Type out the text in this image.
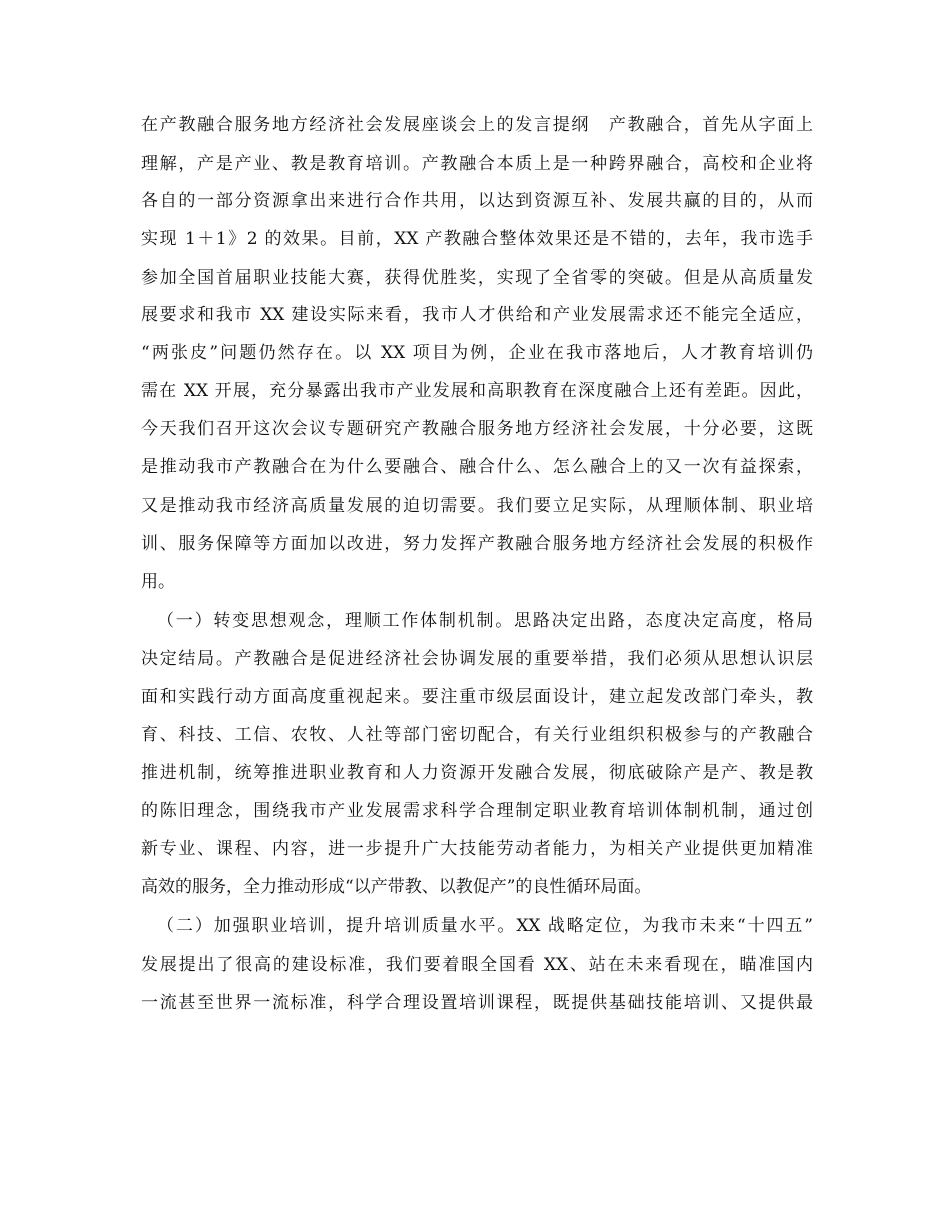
在产教融合服务地方经济社会发展座谈会上的发言提纲　产教融合，首先从字面上
理解，产是产业、教是教育培训。产教融合本质上是一种跨界融合，高校和企业将
各自的一部分资源拿出来进行合作共用，以达到资源互补、发展共赢的目的，从而
实现 1＋1》2 的效果。目前，XX 产教融合整体效果还是不错的，去年，我市选手
参加全国首届职业技能大赛，获得优胜奖，实现了全省零的突破。但是从高质量发
展要求和我市 XX 建设实际来看，我市人才供给和产业发展需求还不能完全适应，
“两张皮”问题仍然存在。以 XX 项目为例，企业在我市落地后，人才教育培训仍
需在 XX 开展，充分暴露出我市产业发展和高职教育在深度融合上还有差距。因此，
今天我们召开这次会议专题研究产教融合服务地方经济社会发展，十分必要，这既
是推动我市产教融合在为什么要融合、融合什么、怎么融合上的又一次有益探索，
又是推动我市经济高质量发展的迫切需要。我们要立足实际，从理顺体制、职业培
训、服务保障等方面加以改进，努力发挥产教融合服务地方经济社会发展的积极作
用。
（一）转变思想观念，理顺工作体制机制。思路决定出路，态度决定高度，格局
决定结局。产教融合是促进经济社会协调发展的重要举措，我们必须从思想认识层
面和实践行动方面高度重视起来。要注重市级层面设计，建立起发改部门牵头，教
育、科技、工信、农牧、人社等部门密切配合，有关行业组织积极参与的产教融合
推进机制，统筹推进职业教育和人力资源开发融合发展，彻底破除产是产、教是教
的陈旧理念，围绕我市产业发展需求科学合理制定职业教育培训体制机制，通过创
新专业、课程、内容，进一步提升广大技能劳动者能力，为相关产业提供更加精准
高效的服务，全力推动形成“以产带教、以教促产”的良性循环局面。
（二）加强职业培训，提升培训质量水平。XX 战略定位，为我市未来“十四五”
发展提出了很高的建设标准，我们要着眼全国看 XX、站在未来看现在，瞄准国内
一流甚至世界一流标准，科学合理设置培训课程，既提供基础技能培训、又提供最
